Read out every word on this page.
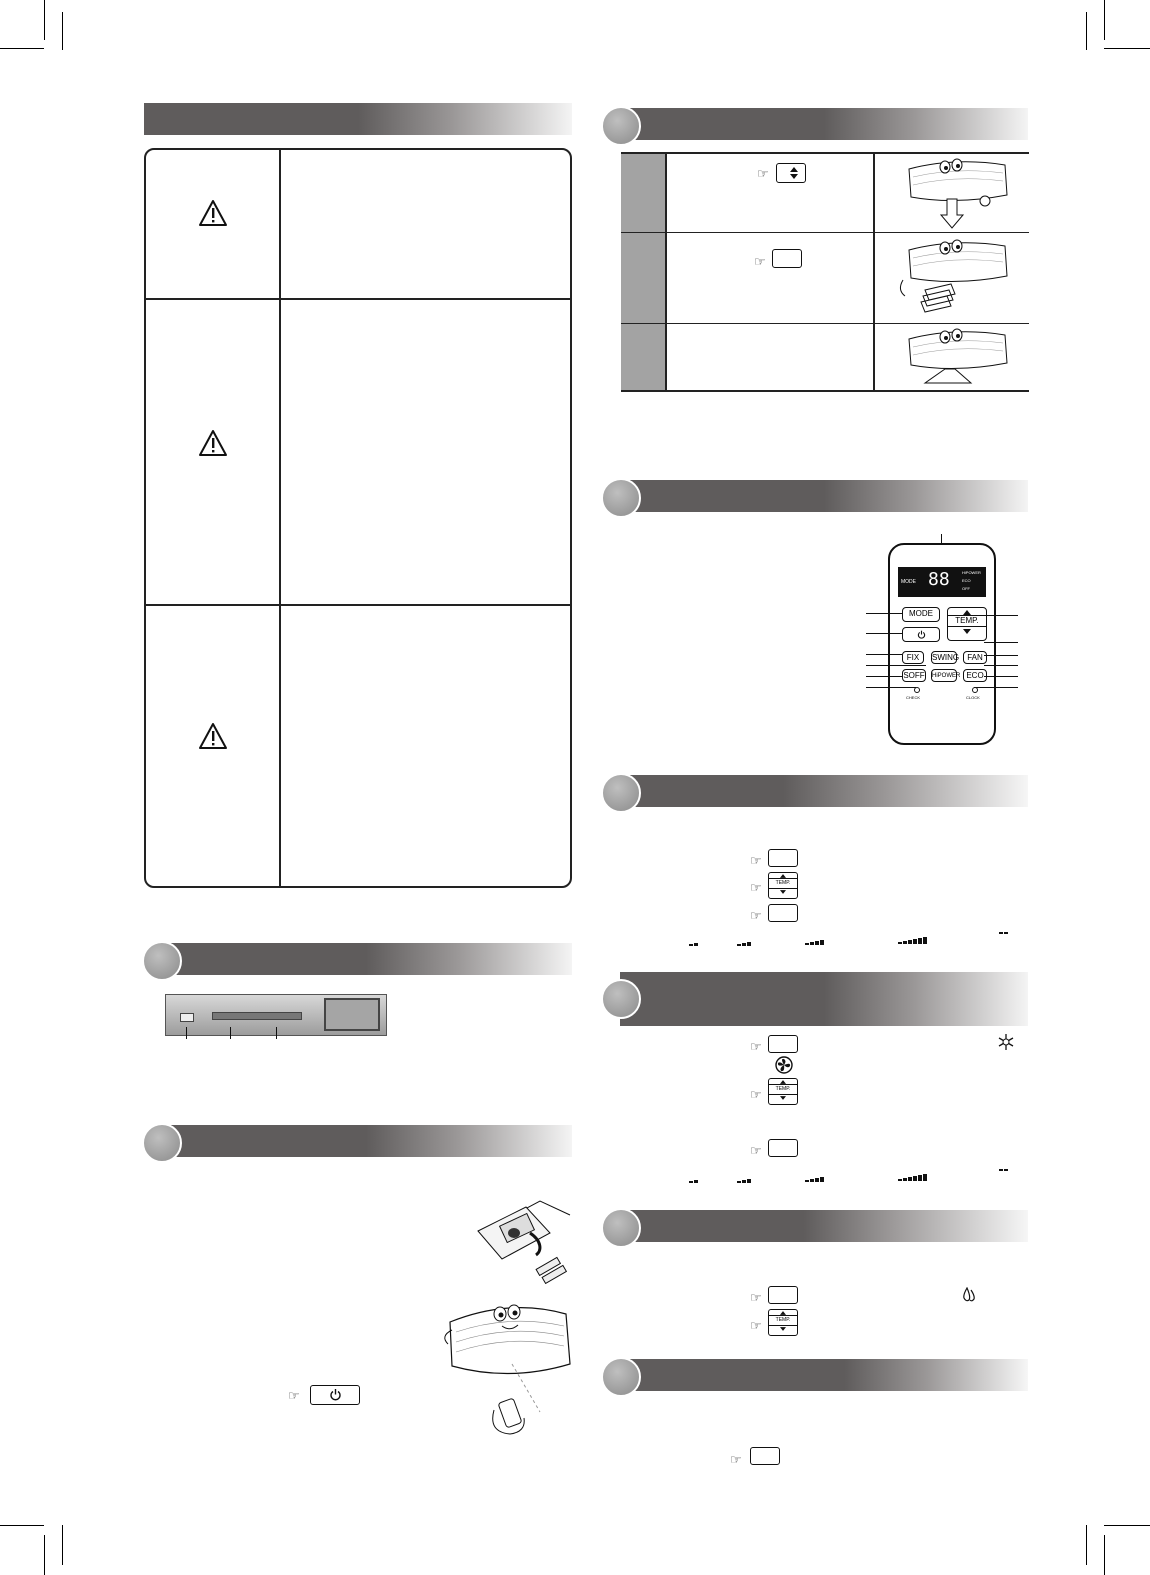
☞
☞
☞
MODE 88	HiPOWER
ECO
OFF
MODE
TEMP.
FIX	SWING	FAN
SOFF HiPOWER ECO
CHECK	CLOCK
☞
☞	TEMP.
☞
☞
☞	TEMP.
☞
☞
☞	TEMP.
☞
